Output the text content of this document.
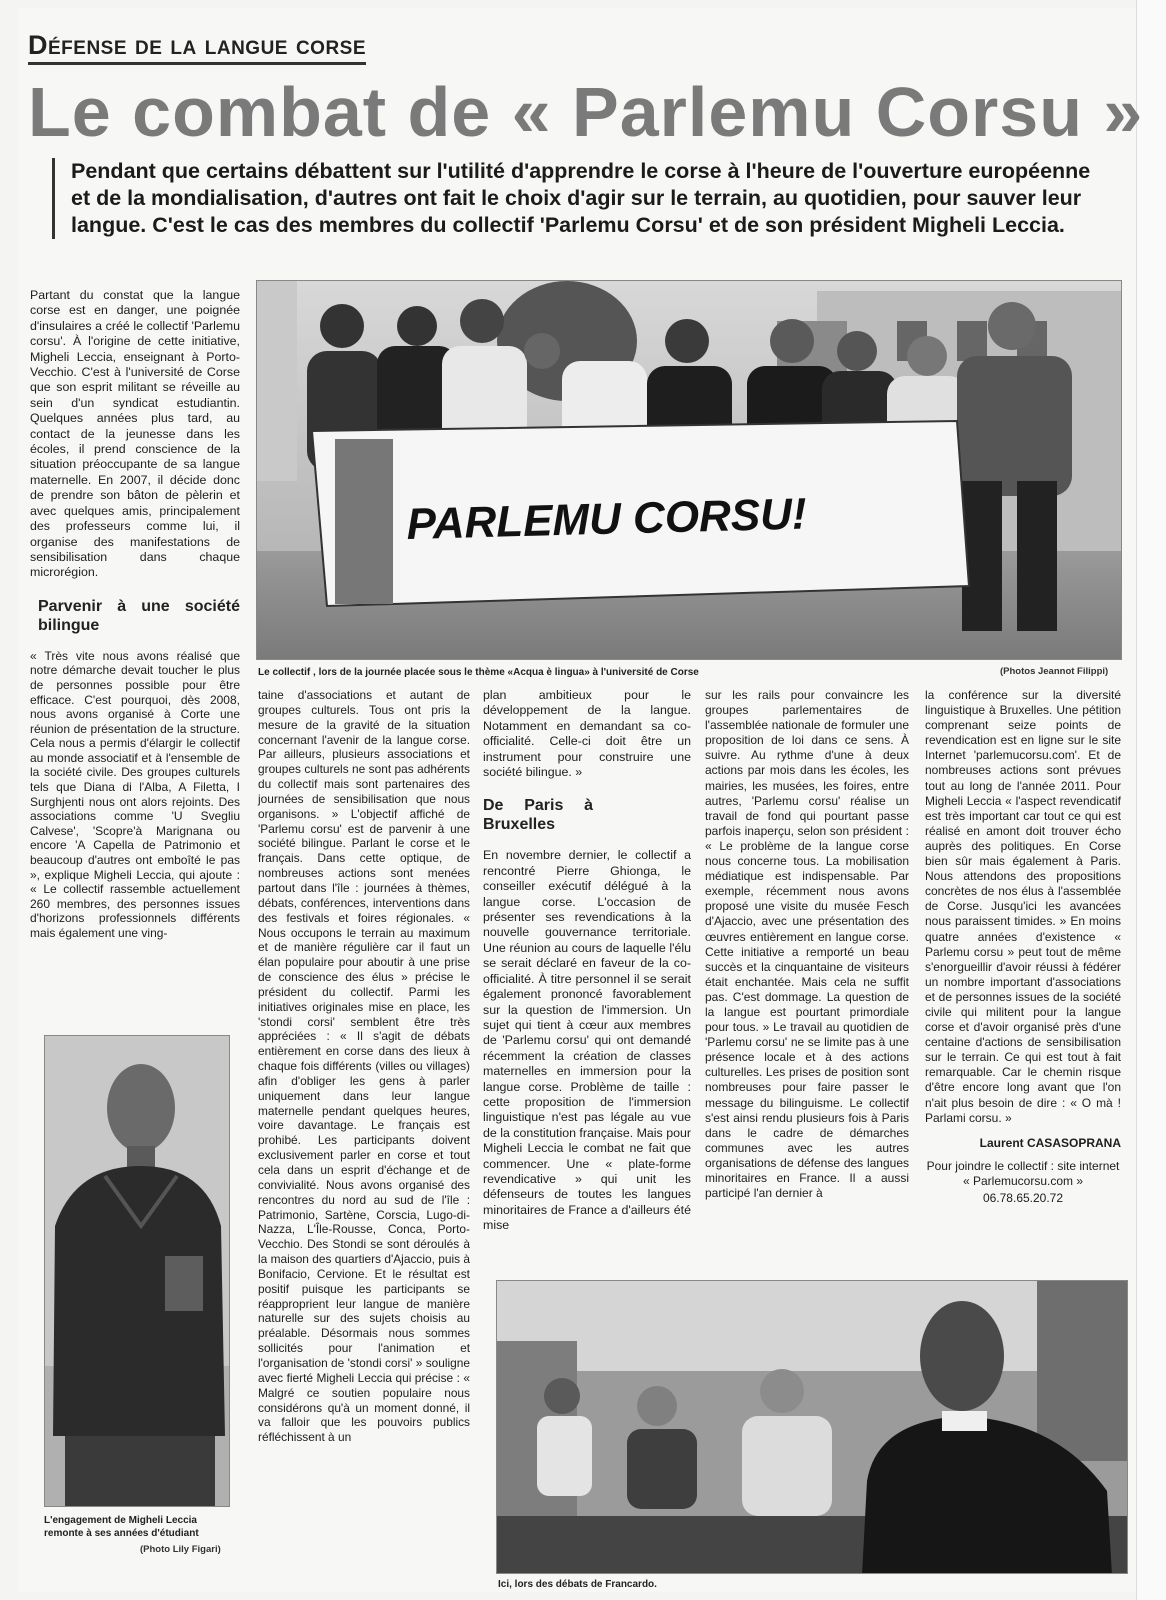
Défense de la langue corse
Le combat de « Parlemu Corsu »
Pendant que certains débattent sur l'utilité d'apprendre le corse à l'heure de l'ouverture européenne et de la mondialisation, d'autres ont fait le choix d'agir sur le terrain, au quotidien, pour sauver leur langue. C'est le cas des membres du collectif 'Parlemu Corsu' et de son président Migheli Leccia.
PARLEMU CORSU!
Le collectif , lors de la journée placée sous le thème «Acqua è lingua» à l'université de Corse	(Photos Jeannot Filippi)

Partant du constat que la langue corse est en danger, une poignée d'insulaires a créé le collectif 'Parlemu corsu'. À l'origine de cette initiative, Migheli Leccia, enseignant à Porto-Vecchio. C'est à l'université de Corse que son esprit militant se réveille au sein d'un syndicat estudiantin. Quelques années plus tard, au contact de la jeunesse dans les écoles, il prend conscience de la situation préoccupante de sa langue maternelle. En 2007, il décide donc de prendre son bâton de pèlerin et avec quelques amis, principalement des professeurs comme lui, il organise des manifestations de sensibilisation dans chaque microrégion.

Parvenir à une société bilingue

« Très vite nous avons réalisé que notre démarche devait toucher le plus de personnes possible pour être efficace. C'est pourquoi, dès 2008, nous avons organisé à Corte une réunion de présentation de la structure. Cela nous a permis d'élargir le collectif au monde associatif et à l'ensemble de la société civile. Des groupes culturels tels que Diana di l'Alba, A Filetta, I Surghjenti nous ont alors rejoints. Des associations comme 'U Svegliu Calvese', 'Scopre'à Marignana ou encore 'A Capella de Patrimonio et beaucoup d'autres ont emboîté le pas », explique Migheli Leccia, qui ajoute : « Le collectif rassemble actuellement 260 membres, des personnes issues d'horizons professionnels différents mais également une ving-

L'engagement de Migheli Leccia remonte à ses années d'étudiant
(Photo Lily Figari)

taine d'associations et autant de groupes culturels. Tous ont pris la mesure de la gravité de la situation concernant l'avenir de la langue corse. Par ailleurs, plusieurs associations et groupes culturels ne sont pas adhérents du collectif mais sont partenaires des journées de sensibilisation que nous organisons. » L'objectif affiché de 'Parlemu corsu' est de parvenir à une société bilingue. Parlant le corse et le français. Dans cette optique, de nombreuses actions sont menées partout dans l'île : journées à thèmes, débats, conférences, interventions dans des festivals et foires régionales. « Nous occupons le terrain au maximum et de manière régulière car il faut un élan populaire pour aboutir à une prise de conscience des élus » précise le président du collectif. Parmi les initiatives originales mise en place, les 'stondi corsi' semblent être très appréciées : « Il s'agit de débats entièrement en corse dans des lieux à chaque fois différents (villes ou villages) afin d'obliger les gens à parler uniquement dans leur langue maternelle pendant quelques heures, voire davantage. Le français est prohibé. Les participants doivent exclusivement parler en corse et tout cela dans un esprit d'échange et de convivialité. Nous avons organisé des rencontres du nord au sud de l'île : Patrimonio, Sartène, Corscia, Lugo-di-Nazza, L'Île-Rousse, Conca, Porto-Vecchio. Des Stondi se sont déroulés à la maison des quartiers d'Ajaccio, puis à Bonifacio, Cervione. Et le résultat est positif puisque les participants se réapproprient leur langue de manière naturelle sur des sujets choisis au préalable. Désormais nous sommes sollicités pour l'animation et l'organisation de 'stondi corsi' » souligne avec fierté Migheli Leccia qui précise : « Malgré ce soutien populaire nous considérons qu'à un moment donné, il va falloir que les pouvoirs publics réfléchissent à un

plan ambitieux pour le développement de la langue. Notamment en demandant sa co-officialité. Celle-ci doit être un instrument pour construire une société bilingue. »

De Paris à Bruxelles

En novembre dernier, le collectif a rencontré Pierre Ghionga, le conseiller exécutif délégué à la langue corse. L'occasion de présenter ses revendications à la nouvelle gouvernance territoriale. Une réunion au cours de laquelle l'élu se serait déclaré en faveur de la co-officialité. À titre personnel il se serait également prononcé favorablement sur la question de l'immersion. Un sujet qui tient à cœur aux membres de 'Parlemu corsu' qui ont demandé récemment la création de classes maternelles en immersion pour la langue corse. Problème de taille : cette proposition de l'immersion linguistique n'est pas légale au vue de la constitution française. Mais pour Migheli Leccia le combat ne fait que commencer. Une « plate-forme revendicative » qui unit les défenseurs de toutes les langues minoritaires de France a d'ailleurs été mise

sur les rails pour convaincre les groupes parlementaires de l'assemblée nationale de formuler une proposition de loi dans ce sens. À suivre. Au rythme d'une à deux actions par mois dans les écoles, les mairies, les musées, les foires, entre autres, 'Parlemu corsu' réalise un travail de fond qui pourtant passe parfois inaperçu, selon son président : « Le problème de la langue corse nous concerne tous. La mobilisation médiatique est indispensable. Par exemple, récemment nous avons proposé une visite du musée Fesch d'Ajaccio, avec une présentation des œuvres entièrement en langue corse. Cette initiative a remporté un beau succès et la cinquantaine de visiteurs était enchantée. Mais cela ne suffit pas. C'est dommage. La question de la langue est pourtant primordiale pour tous. » Le travail au quotidien de 'Parlemu corsu' ne se limite pas à une présence locale et à des actions culturelles. Les prises de position sont nombreuses pour faire passer le message du bilinguisme. Le collectif s'est ainsi rendu plusieurs fois à Paris dans le cadre de démarches communes avec les autres organisations de défense des langues minoritaires en France. Il a aussi participé l'an dernier à

la conférence sur la diversité linguistique à Bruxelles. Une pétition comprenant seize points de revendication est en ligne sur le site Internet 'parlemucorsu.com'. Et de nombreuses actions sont prévues tout au long de l'année 2011. Pour Migheli Leccia « l'aspect revendicatif est très important car tout ce qui est réalisé en amont doit trouver écho auprès des politiques. En Corse bien sûr mais également à Paris. Nous attendons des propositions concrètes de nos élus à l'assemblée de Corse. Jusqu'ici les avancées nous paraissent timides. » En moins quatre années d'existence « Parlemu corsu » peut tout de même s'enorgueillir d'avoir réussi à fédérer un nombre important d'associations et de personnes issues de la société civile qui militent pour la langue corse et d'avoir organisé près d'une centaine d'actions de sensibilisation sur le terrain. Ce qui est tout à fait remarquable. Car le chemin risque d'être encore long avant que l'on n'ait plus besoin de dire : « O mà ! Parlami corsu. »

Laurent CASASOPRANA
Pour joindre le collectif : site internet « Parlemucorsu.com »
06.78.65.20.72
Ici, lors des débats de Francardo.
